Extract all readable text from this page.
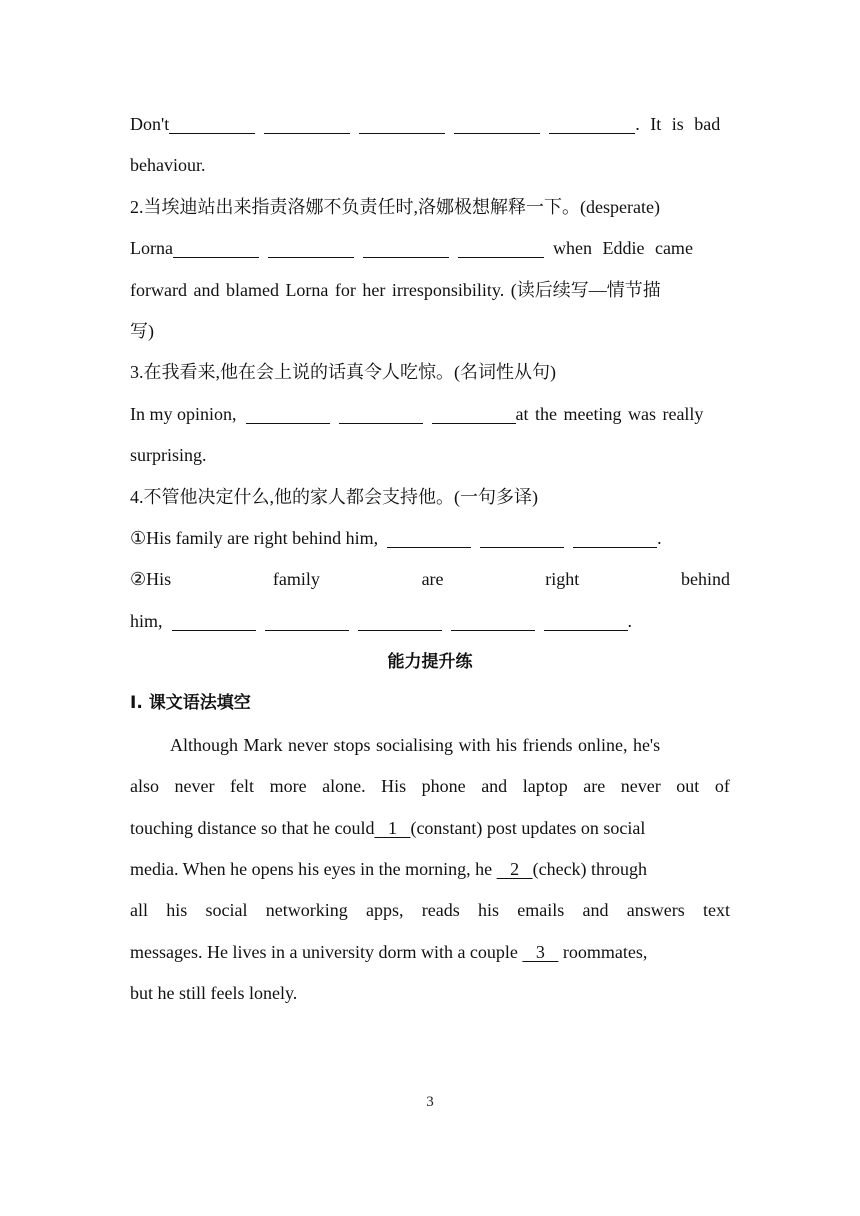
Don't	. It is bad
behaviour.
2.当埃迪站出来指责洛娜不负责任时,洛娜极想解释一下。(desperate)
Lorna	when Eddie came
forward and blamed Lorna for her irresponsibility. (读后续写—情节描
写)
3.在我看来,他在会上说的话真令人吃惊。(名词性从句)
In my opinion,	at the meeting was really
surprising.
4.不管他决定什么,他的家人都会支持他。(一句多译)
①His family are right behind him,	.
②His	family	are	right	behind
him,	.
能力提升练
Ⅰ. 课文语法填空
Although Mark never stops socialising with his friends online, he's
also never felt more alone. His phone and laptop are never out of
touching distance so that he could   1   (constant) post updates on social
media. When he opens his eyes in the morning, he    2   (check) through
all his social networking apps, reads his emails and answers text
messages. He lives in a university dorm with a couple    3    roommates,
but he still feels lonely.
3
